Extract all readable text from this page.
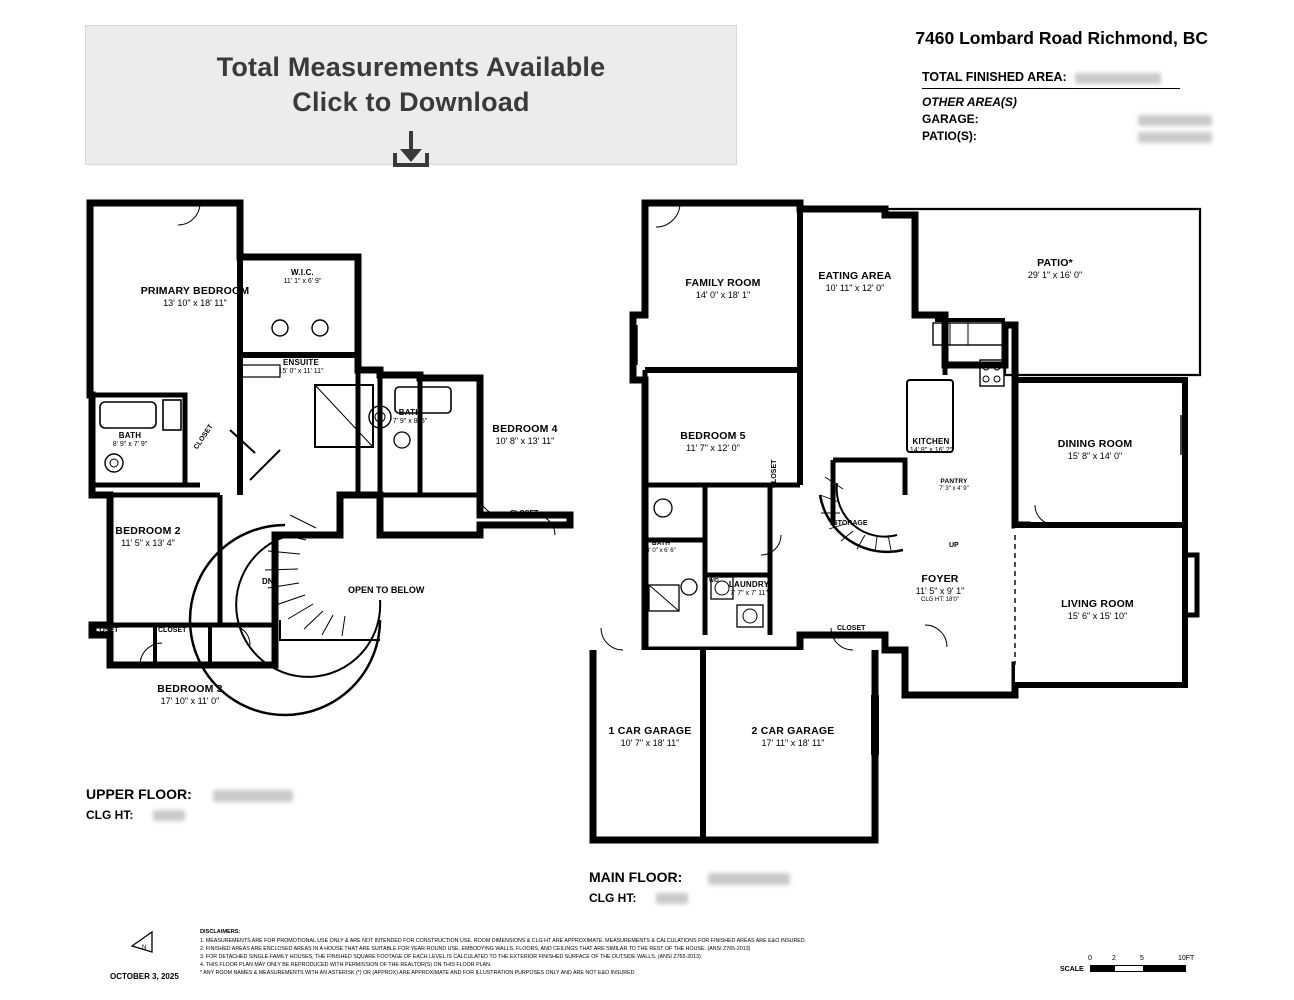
Total Measurements Available
Click to Download
7460 Lombard Road Richmond, BC
TOTAL FINISHED AREA:
OTHER AREA(S)
GARAGE:
PATIO(S):
PRIMARY BEDROOM
13' 10" x 18' 11"
W.I.C.
11' 1" x 6' 9"
ENSUITE
15' 0" x 11' 11"
BATH
7' 9" x 8' 5"
BEDROOM 4
10' 8" x 13' 11"
BATH
8' 9" x 7' 9"
BEDROOM 2
11' 5" x 13' 4"
BEDROOM 3
17' 10" x 11' 0"
CLOSET
CLOSET	CLOSET
CLOSET
OPEN TO BELOW
DN
UPPER FLOOR:
CLG HT:
FAMILY ROOM
14' 0" x 18' 1"
EATING AREA
10' 11" x 12' 0"
PATIO*
29' 1" x 16' 0"
KITCHEN
14' 8" x 16' 2"
DINING ROOM
15' 8" x 14' 0"
BEDROOM 5
11' 7" x 12' 0"
PANTRY
7' 3" x 4' 9"
BATH
8' 0" x 6' 6"
LAUNDRY
7' 7" x 7' 11"
FOYER
11' 5" x 9' 1"
CLG HT: 18'0"	LIVING ROOM
15' 6" x 15' 10"
1 CAR GARAGE
10' 7" x 18' 11"
2 CAR GARAGE
17' 11" x 18' 11"
STORAGE
UP
CLOSET
CLOSET
W/D
MAIN FLOOR:
CLG HT:
N
OCTOBER 3, 2025
DISCLAIMERS:
1. MEASUREMENTS ARE FOR PROMOTIONAL USE ONLY & ARE NOT INTENDED FOR CONSTRUCTION USE. ROOM DIMENSIONS & CLG HT ARE APPROXIMATE. MEASUREMENTS & CALCULATIONS FOR FINISHED AREAS ARE E&O INSURED.
2. FINISHED AREAS ARE ENCLOSED AREAS IN A HOUSE THAT ARE SUITABLE FOR YEAR-ROUND USE, EMBODYING WALLS, FLOORS, AND CEILINGS THAT ARE SIMILAR TO THE REST OF THE HOUSE. (ANSI Z765-2013)
3. FOR DETACHED SINGLE-FAMILY HOUSES, THE FINISHED SQUARE FOOTAGE OF EACH LEVEL IS CALCULATED TO THE EXTERIOR FINISHED SURFACE OF THE OUTSIDE WALLS. (ANSI Z765-2013)
4. THIS FLOOR PLAN MAY ONLY BE REPRODUCED WITH PERMISSION OF THE REALTOR(S) ON THIS FLOOR PLAN.
* ANY ROOM NAMES & MEASUREMENTS WITH AN ASTERISK (*) OR (APPROX) ARE APPROXIMATE AND FOR ILLUSTRATION PURPOSES ONLY AND ARE NOT E&O INSURED.
0	2	5	10FT
SCALE
